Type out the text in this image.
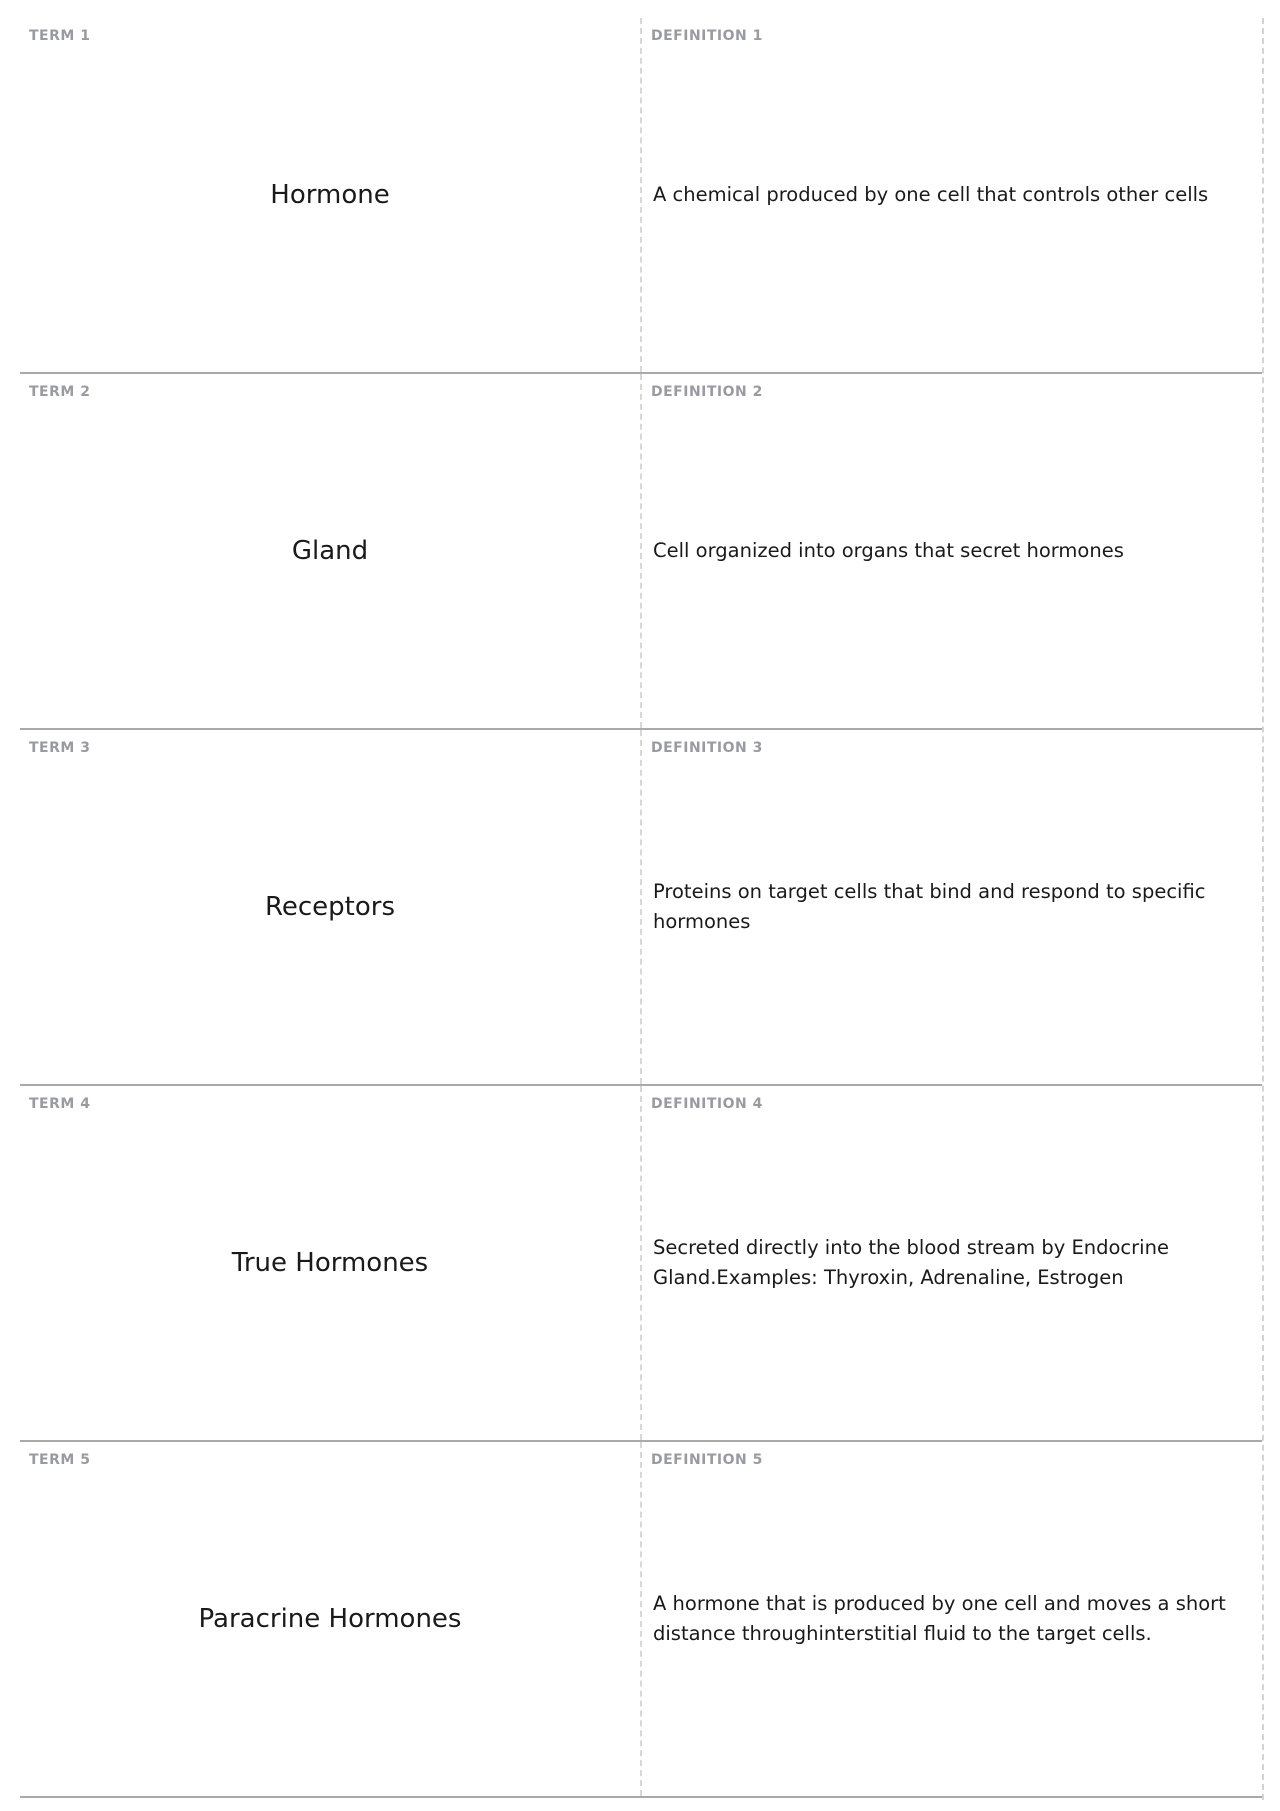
TERM 1
Hormone
DEFINITION 1
A chemical produced by one cell that controls other cells
TERM 2
Gland
DEFINITION 2
Cell organized into organs that secret hormones
TERM 3
Receptors
DEFINITION 3
Proteins on target cells that bind and respond to specific hormones
TERM 4
True Hormones
DEFINITION 4
Secreted directly into the blood stream by Endocrine Gland.Examples: Thyroxin, Adrenaline, Estrogen
TERM 5
Paracrine Hormones
DEFINITION 5
A hormone that is produced by one cell and moves a short distance throughinterstitial fluid to the target cells.
